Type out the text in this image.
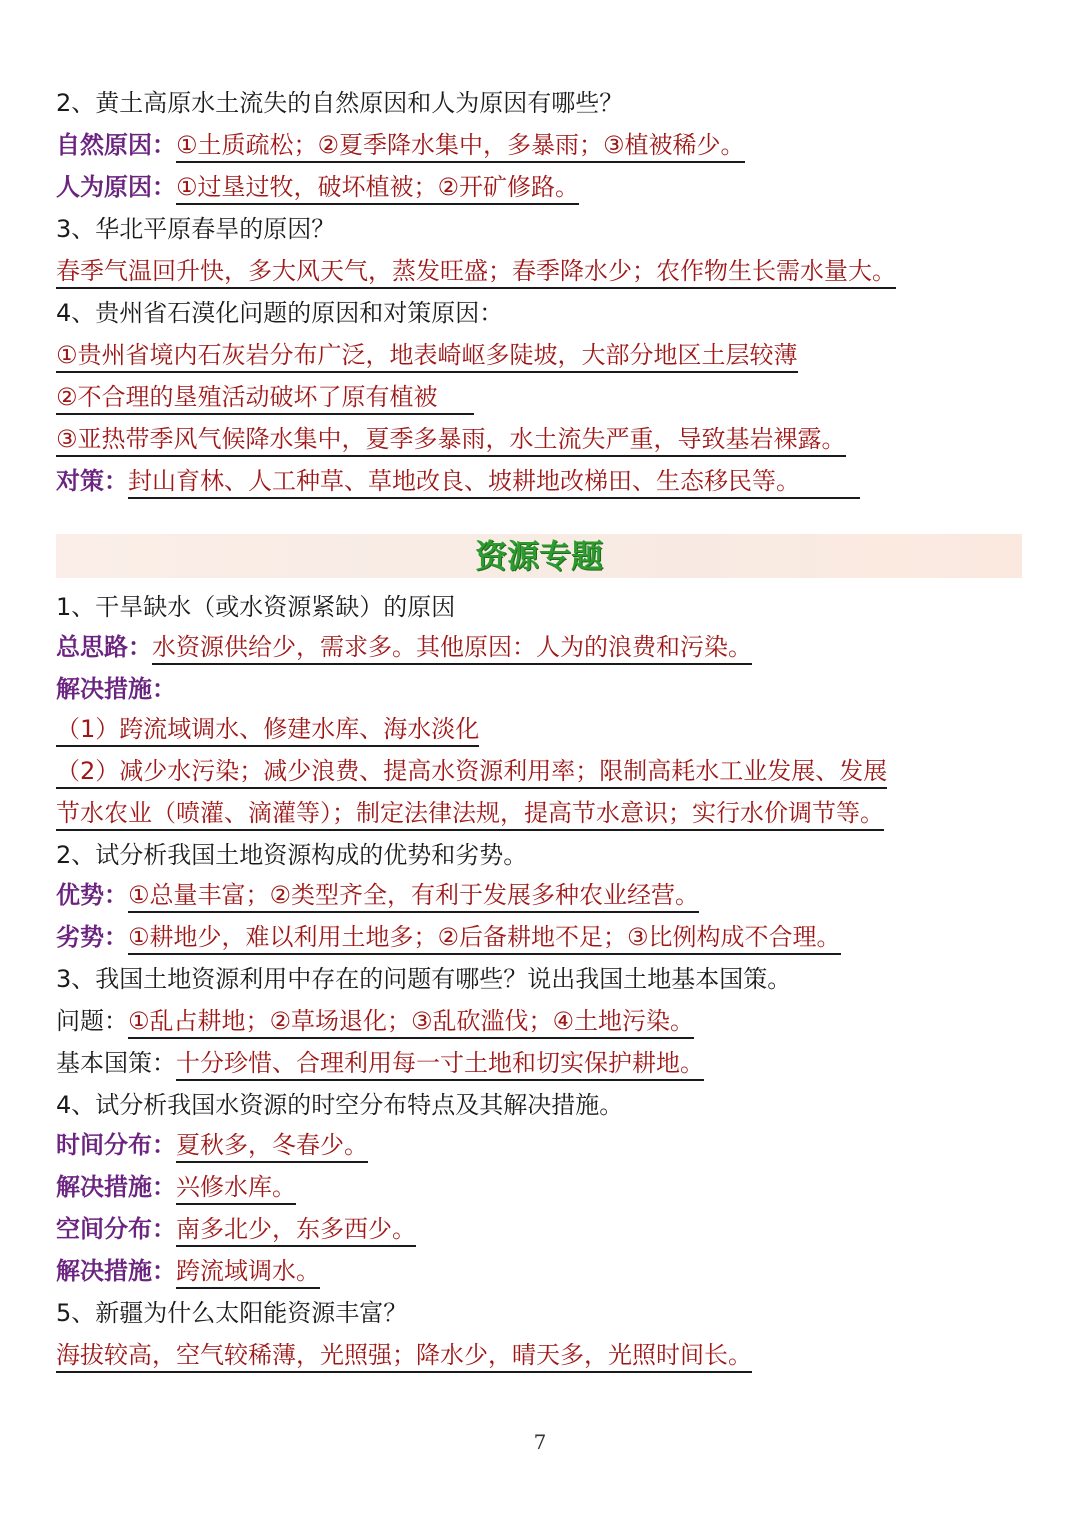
2、黄土高原水土流失的自然原因和人为原因有哪些？
自然原因：①土质疏松；②夏季降水集中，多暴雨；③植被稀少。
人为原因：①过垦过牧，破坏植被；②开矿修路。
3、华北平原春旱的原因？
春季气温回升快，多大风天气，蒸发旺盛；春季降水少；农作物生长需水量大。
4、贵州省石漠化问题的原因和对策原因：
①贵州省境内石灰岩分布广泛，地表崎岖多陡坡，大部分地区土层较薄
②不合理的垦殖活动破坏了原有植被
③亚热带季风气候降水集中，夏季多暴雨，水土流失严重，导致基岩裸露。
对策：封山育林、人工种草、草地改良、坡耕地改梯田、生态移民等。
资源专题
1、干旱缺水（或水资源紧缺）的原因
总思路：水资源供给少，需求多。其他原因：人为的浪费和污染。
解决措施：
（1）跨流域调水、修建水库、海水淡化
（2）减少水污染；减少浪费、提高水资源利用率；限制高耗水工业发展、发展
节水农业（喷灌、滴灌等）；制定法律法规，提高节水意识；实行水价调节等。
2、试分析我国土地资源构成的优势和劣势。
优势：①总量丰富；②类型齐全，有利于发展多种农业经营。
劣势：①耕地少，难以利用土地多；②后备耕地不足；③比例构成不合理。
3、我国土地资源利用中存在的问题有哪些？说出我国土地基本国策。
问题：①乱占耕地；②草场退化；③乱砍滥伐；④土地污染。
基本国策：十分珍惜、合理利用每一寸土地和切实保护耕地。
4、试分析我国水资源的时空分布特点及其解决措施。
时间分布：夏秋多，冬春少。
解决措施：兴修水库。
空间分布：南多北少，东多西少。
解决措施：跨流域调水。
5、新疆为什么太阳能资源丰富？
海拔较高，空气较稀薄，光照强；降水少，晴天多，光照时间长。
7
